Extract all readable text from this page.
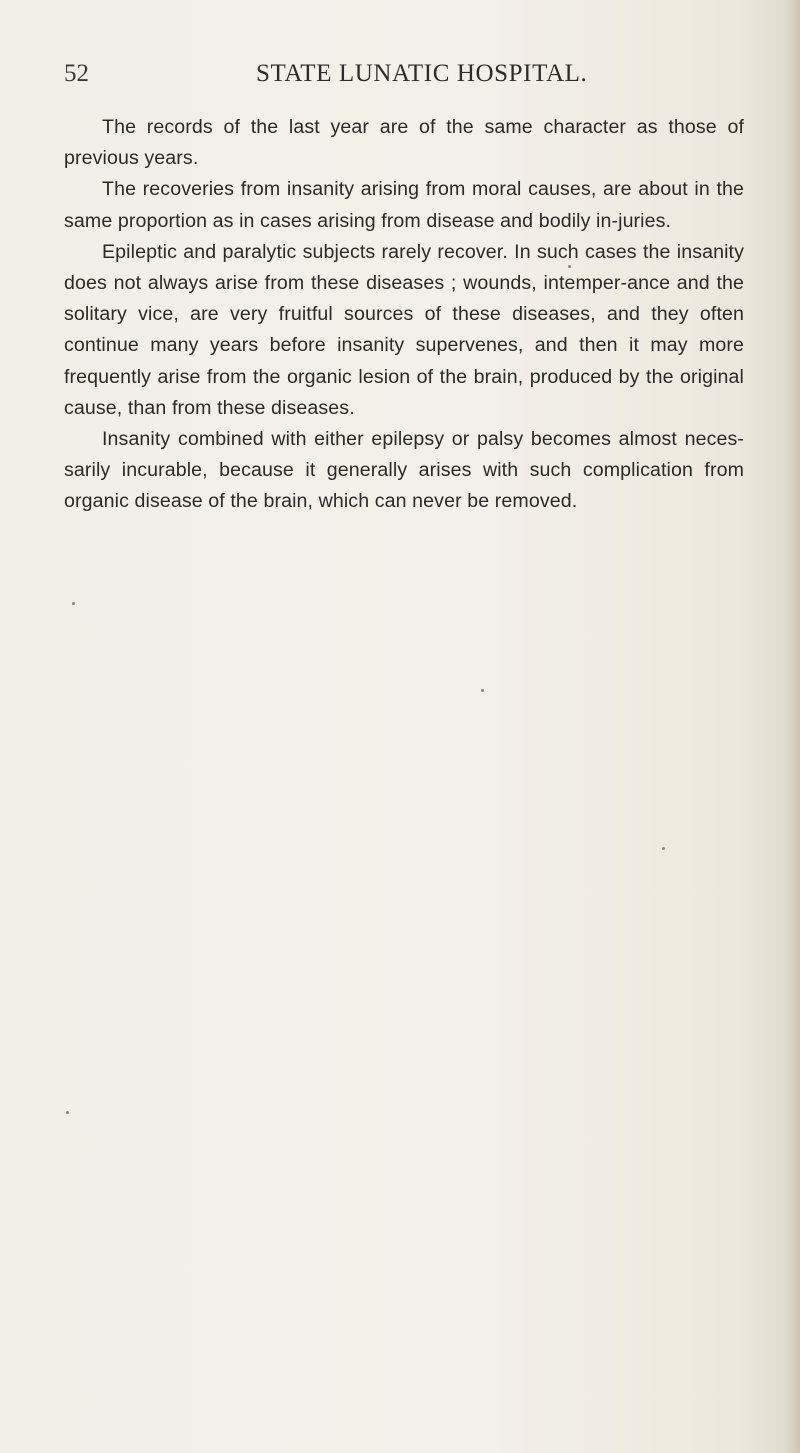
52	STATE LUNATIC HOSPITAL.

The records of the last year are of the same character as those of previous years.

The recoveries from insanity arising from moral causes, are about in the same proportion as in cases arising from disease and bodily in-juries.

Epileptic and paralytic subjects rarely recover. In such cases the insanity does not always arise from these diseases ; wounds, intemper-ance and the solitary vice, are very fruitful sources of these diseases, and they often continue many years before insanity supervenes, and then it may more frequently arise from the organic lesion of the brain, produced by the original cause, than from these diseases.

Insanity combined with either epilepsy or palsy becomes almost neces-sarily incurable, because it generally arises with such complication from organic disease of the brain, which can never be removed.
